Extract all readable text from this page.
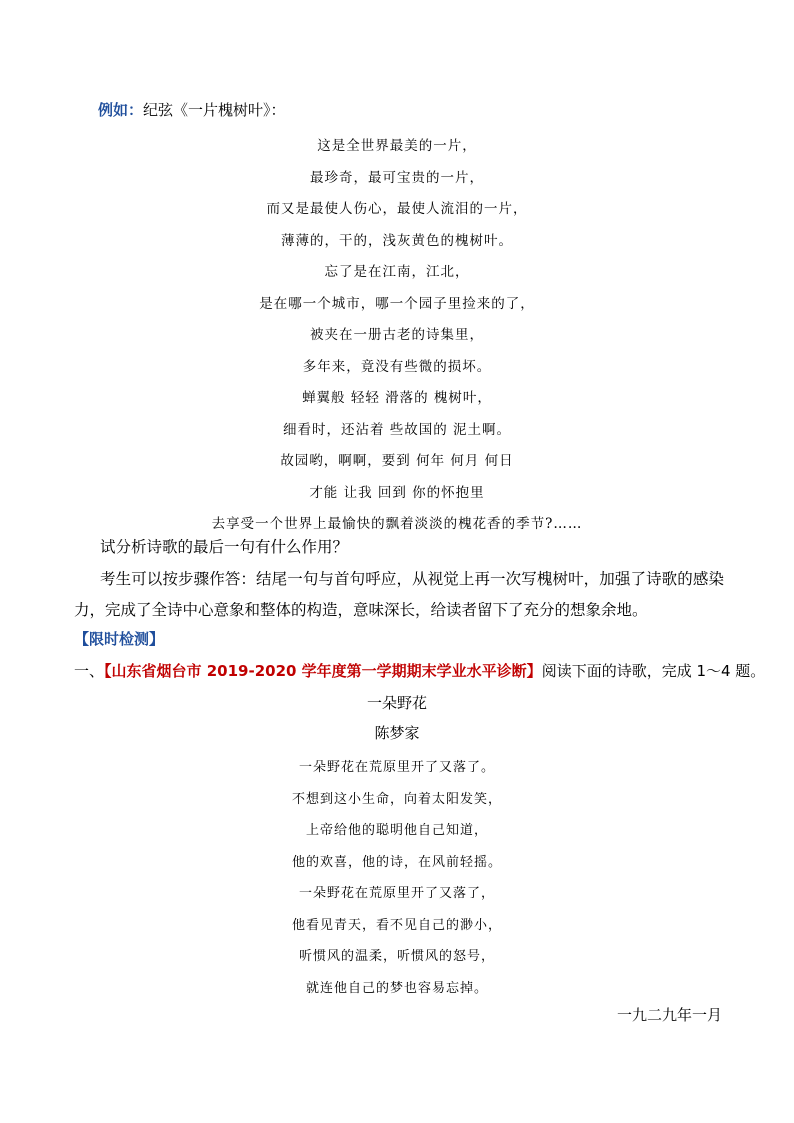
例如：纪弦《一片槐树叶》：
这是全世界最美的一片，
最珍奇，最可宝贵的一片，
而又是最使人伤心，最使人流泪的一片，
薄薄的，干的，浅灰黄色的槐树叶。
忘了是在江南，江北，
是在哪一个城市，哪一个园子里捡来的了，
被夹在一册古老的诗集里，
多年来，竟没有些微的损坏。
蝉翼般 轻轻 滑落的 槐树叶，
细看时，还沾着 些故国的 泥土啊。
故园哟，啊啊，要到 何年 何月 何日
才能 让我 回到 你的怀抱里
去享受一个世界上最愉快的飘着淡淡的槐花香的季节?……
试分析诗歌的最后一句有什么作用？
考生可以按步骤作答：结尾一句与首句呼应，从视觉上再一次写槐树叶，加强了诗歌的感染力，完成了全诗中心意象和整体的构造，意味深长，给读者留下了充分的想象余地。
【限时检测】
一、【山东省烟台市 2019-2020 学年度第一学期期末学业水平诊断】阅读下面的诗歌，完成 1～4 题。
一朵野花
陈梦家
一朵野花在荒原里开了又落了。
不想到这小生命，向着太阳发笑，
上帝给他的聪明他自己知道，
他的欢喜，他的诗，在风前轻摇。
一朵野花在荒原里开了又落了，
他看见青天，看不见自己的渺小，
听惯风的温柔，听惯风的怒号，
就连他自己的梦也容易忘掉。
一九二九年一月
